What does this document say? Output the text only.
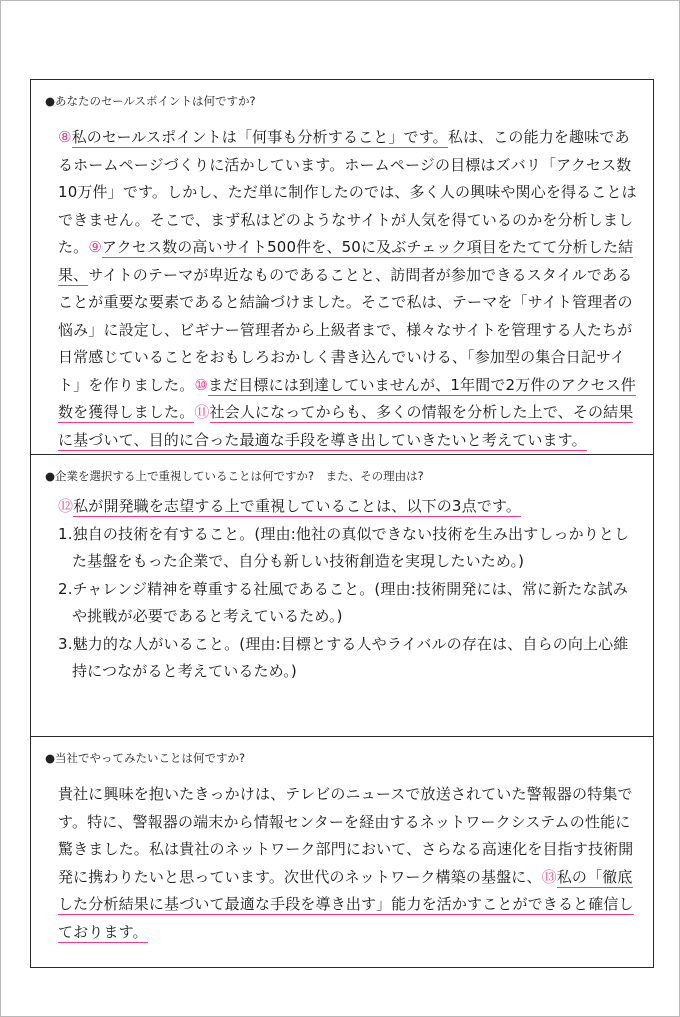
●あなたのセールスポイントは何ですか?

⑧私のセールスポイントは「何事も分析すること」です。私は、この能力を趣味であるホームページづくりに活かしています。ホームページの目標はズバリ「アクセス数10万件」です。しかし、ただ単に制作したのでは、多く人の興味や関心を得ることはできません。そこで、まず私はどのようなサイトが人気を得ているのかを分析しました。⑨アクセス数の高いサイト500件を、50に及ぶチェック項目をたてて分析した結果、サイトのテーマが卑近なものであることと、訪問者が参加できるスタイルであることが重要な要素であると結論づけました。そこで私は、テーマを「サイト管理者の悩み」に設定し、ビギナー管理者から上級者まで、様々なサイトを管理する人たちが日常感じていることをおもしろおかしく書き込んでいける、「参加型の集合日記サイト」を作りました。⑩まだ目標には到達していませんが、1年間で2万件のアクセス件数を獲得しました。⑪社会人になってからも、多くの情報を分析した上で、その結果に基づいて、目的に合った最適な手段を導き出していきたいと考えています。

●企業を選択する上で重視していることは何ですか?　また、その理由は?

⑫私が開発職を志望する上で重視していることは、以下の3点です。

1.独自の技術を有すること。(理由:他社の真似できない技術を生み出すしっかりとした基盤をもった企業で、自分も新しい技術創造を実現したいため。)

2.チャレンジ精神を尊重する社風であること。(理由:技術開発には、常に新たな試みや挑戦が必要であると考えているため。)

3.魅力的な人がいること。(理由:目標とする人やライバルの存在は、自らの向上心維持につながると考えているため。)

●当社でやってみたいことは何ですか?

貴社に興味を抱いたきっかけは、テレビのニュースで放送されていた警報器の特集です。特に、警報器の端末から情報センターを経由するネットワークシステムの性能に驚きました。私は貴社のネットワーク部門において、さらなる高速化を目指す技術開発に携わりたいと思っています。次世代のネットワーク構築の基盤に、⑬私の「徹底した分析結果に基づいて最適な手段を導き出す」能力を活かすことができると確信しております。
